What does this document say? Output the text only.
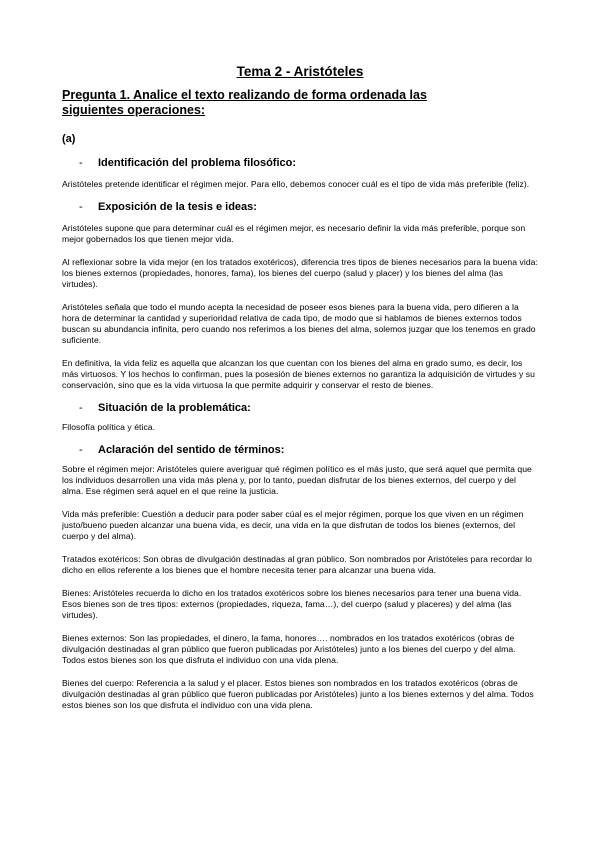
Tema 2 - Aristóteles
Pregunta 1. Analice el texto realizando de forma ordenada las siguientes operaciones:
(a)
-	Identificación del problema filosófico:

Aristóteles pretende identificar el régimen mejor. Para ello, debemos conocer cuál es el tipo de vida más preferible (feliz).

-	Exposición de la tesis e ideas:

Aristóteles supone que para determinar cuál es el régimen mejor, es necesario definir la vida más preferible, porque son mejor gobernados los que tienen mejor vida.

Al reflexionar sobre la vida mejor (en los tratados exotéricos), diferencia tres tipos de bienes necesarios para la buena vida: los bienes externos (propiedades, honores, fama), los bienes del cuerpo (salud y placer) y los bienes del alma (las virtudes).

Aristóteles señala que todo el mundo acepta la necesidad de poseer esos bienes para la buena vida, pero difieren a la hora de determinar la cantidad y superioridad relativa de cada tipo, de modo que si hablamos de bienes externos todos buscan su abundancia infinita, pero cuando nos referimos a los bienes del alma, solemos juzgar que los tenemos en grado suficiente.

En definitiva, la vida feliz es aquella que alcanzan los que cuentan con los bienes del alma en grado sumo, es decir, los más virtuosos. Y los hechos lo confirman, pues la posesión de bienes externos no garantiza la adquisición de virtudes y su conservación, sino que es la vida virtuosa la que permite adquirir y conservar el resto de bienes.

-	Situación de la problemática:

Filosofía política y ética.

-	Aclaración del sentido de términos:

Sobre el régimen mejor: Aristóteles quiere averiguar qué régimen político es el más justo, que será aquel que permita que los individuos desarrollen una vida más plena y, por lo tanto, puedan disfrutar de los bienes externos, del cuerpo y del alma. Ese régimen será aquel en el que reine la justicia.

Vida más preferible: Cuestión a deducir para poder saber cúal es el mejor régimen, porque los que viven en un régimen justo/bueno pueden alcanzar una buena vida, es decir, una vida en la que disfrutan de todos los bienes (externos, del cuerpo y del alma).

Tratados exotéricos: Son obras de divulgación destinadas al gran público. Son nombrados por Aristóteles para recordar lo dicho en ellos referente a los bienes que el hombre necesita tener para alcanzar una buena vida.

Bienes: Aristóteles recuerda lo dicho en los tratados exotéricos sobre los bienes necesarios para tener una buena vida. Esos bienes son de tres tipos: externos (propiedades, riqueza, fama…), del cuerpo (salud y placeres) y del alma (las virtudes).

Bienes externos: Son las propiedades, el dinero, la fama, honores…. nombrados en los tratados exotéricos (obras de divulgación destinadas al gran público que fueron publicadas por Aristóteles) junto a los bienes del cuerpo y del alma. Todos estos bienes son los que disfruta el individuo con una vida plena.

Bienes del cuerpo: Referencia a la salud y el placer. Estos bienes son nombrados en los tratados exotéricos (obras de divulgación destinadas al gran público que fueron publicadas por Aristóteles) junto a los bienes externos y del alma. Todos estos bienes son los que disfruta el individuo con una vida plena.
